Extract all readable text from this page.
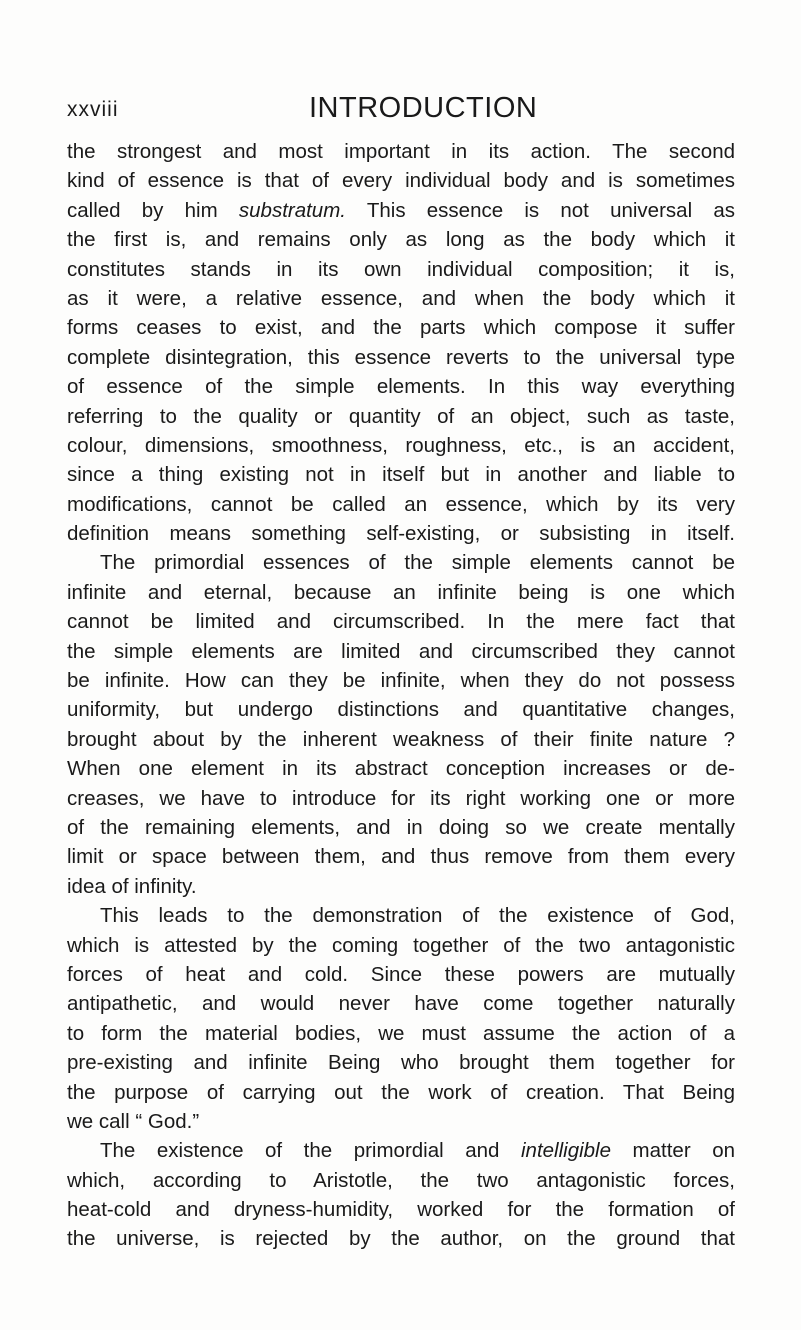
xxviii	INTRODUCTION
the strongest and most important in its action. The second
kind of essence is that of every individual body and is sometimes
called by him substratum. This essence is not universal as
the first is, and remains only as long as the body which it
constitutes stands in its own individual composition; it is,
as it were, a relative essence, and when the body which it
forms ceases to exist, and the parts which compose it suffer
complete disintegration, this essence reverts to the universal type
of essence of the simple elements. In this way everything
referring to the quality or quantity of an object, such as taste,
colour, dimensions, smoothness, roughness, etc., is an accident,
since a thing existing not in itself but in another and liable to
modifications, cannot be called an essence, which by its very
definition means something self-existing, or subsisting in itself.
The primordial essences of the simple elements cannot be
infinite and eternal, because an infinite being is one which
cannot be limited and circumscribed. In the mere fact that
the simple elements are limited and circumscribed they cannot
be infinite. How can they be infinite, when they do not possess
uniformity, but undergo distinctions and quantitative changes,
brought about by the inherent weakness of their finite nature ?
When one element in its abstract conception increases or de-
creases, we have to introduce for its right working one or more
of the remaining elements, and in doing so we create mentally
limit or space between them, and thus remove from them every
idea of infinity.
This leads to the demonstration of the existence of God,
which is attested by the coming together of the two antagonistic
forces of heat and cold. Since these powers are mutually
antipathetic, and would never have come together naturally
to form the material bodies, we must assume the action of a
pre-existing and infinite Being who brought them together for
the purpose of carrying out the work of creation. That Being
we call “ God.”
The existence of the primordial and intelligible matter on
which, according to Aristotle, the two antagonistic forces,
heat-cold and dryness-humidity, worked for the formation of
the universe, is rejected by the author, on the ground that
